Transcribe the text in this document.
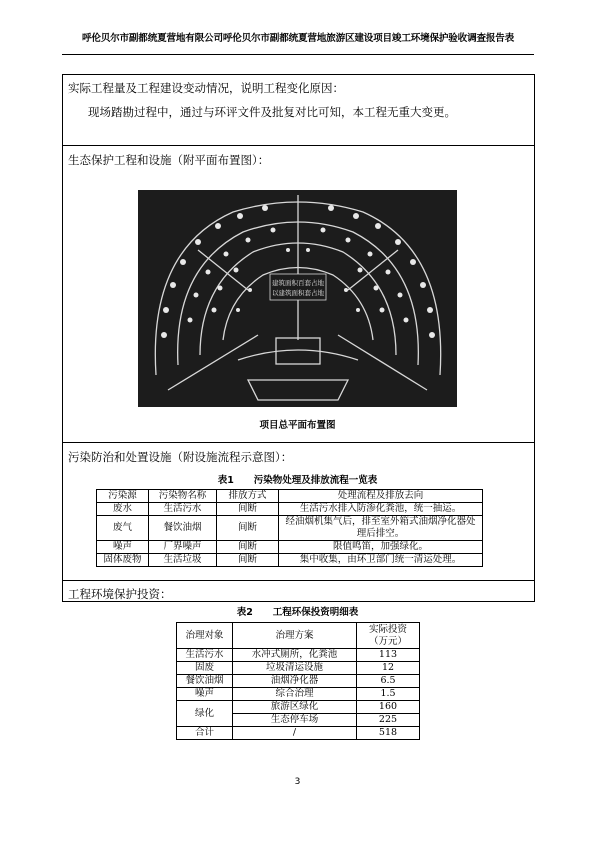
呼伦贝尔市副都统夏营地有限公司呼伦贝尔市副都统夏营地旅游区建设项目竣工环境保护验收调查报告表
实际工程量及工程建设变动情况，说明工程变化原因：
现场踏勘过程中，通过与环评文件及批复对比可知，本工程无重大变更。
生态保护工程和设施（附平面布置图）：
建筑面积百套占地
以建筑面积套占地
项目总平面布置图
污染防治和处置设施（附设施流程示意图）：
表1      污染物处理及排放流程一览表
污染源	污染物名称	排放方式	处理流程及排放去向
废水	生活污水	间断	生活污水排入防渗化粪池，统一抽运。
废气	餐饮油烟	间断	经油烟机集气后，排至室外箱式油烟净化器处理后排空。
噪声	厂界噪声	间断	限值鸣笛，加强绿化。
固体废物	生活垃圾	间断	集中收集，由环卫部门统一清运处理。
工程环境保护投资：
表2      工程环保投资明细表
治理对象	治理方案	实际投资（万元）
生活污水	水冲式厕所，化粪池	113
固废	垃圾清运设施	12
餐饮油烟	油烟净化器	6.5
噪声	综合治理	1.5
绿化	旅游区绿化	160
	生态停车场	225
合计	/	518
3
